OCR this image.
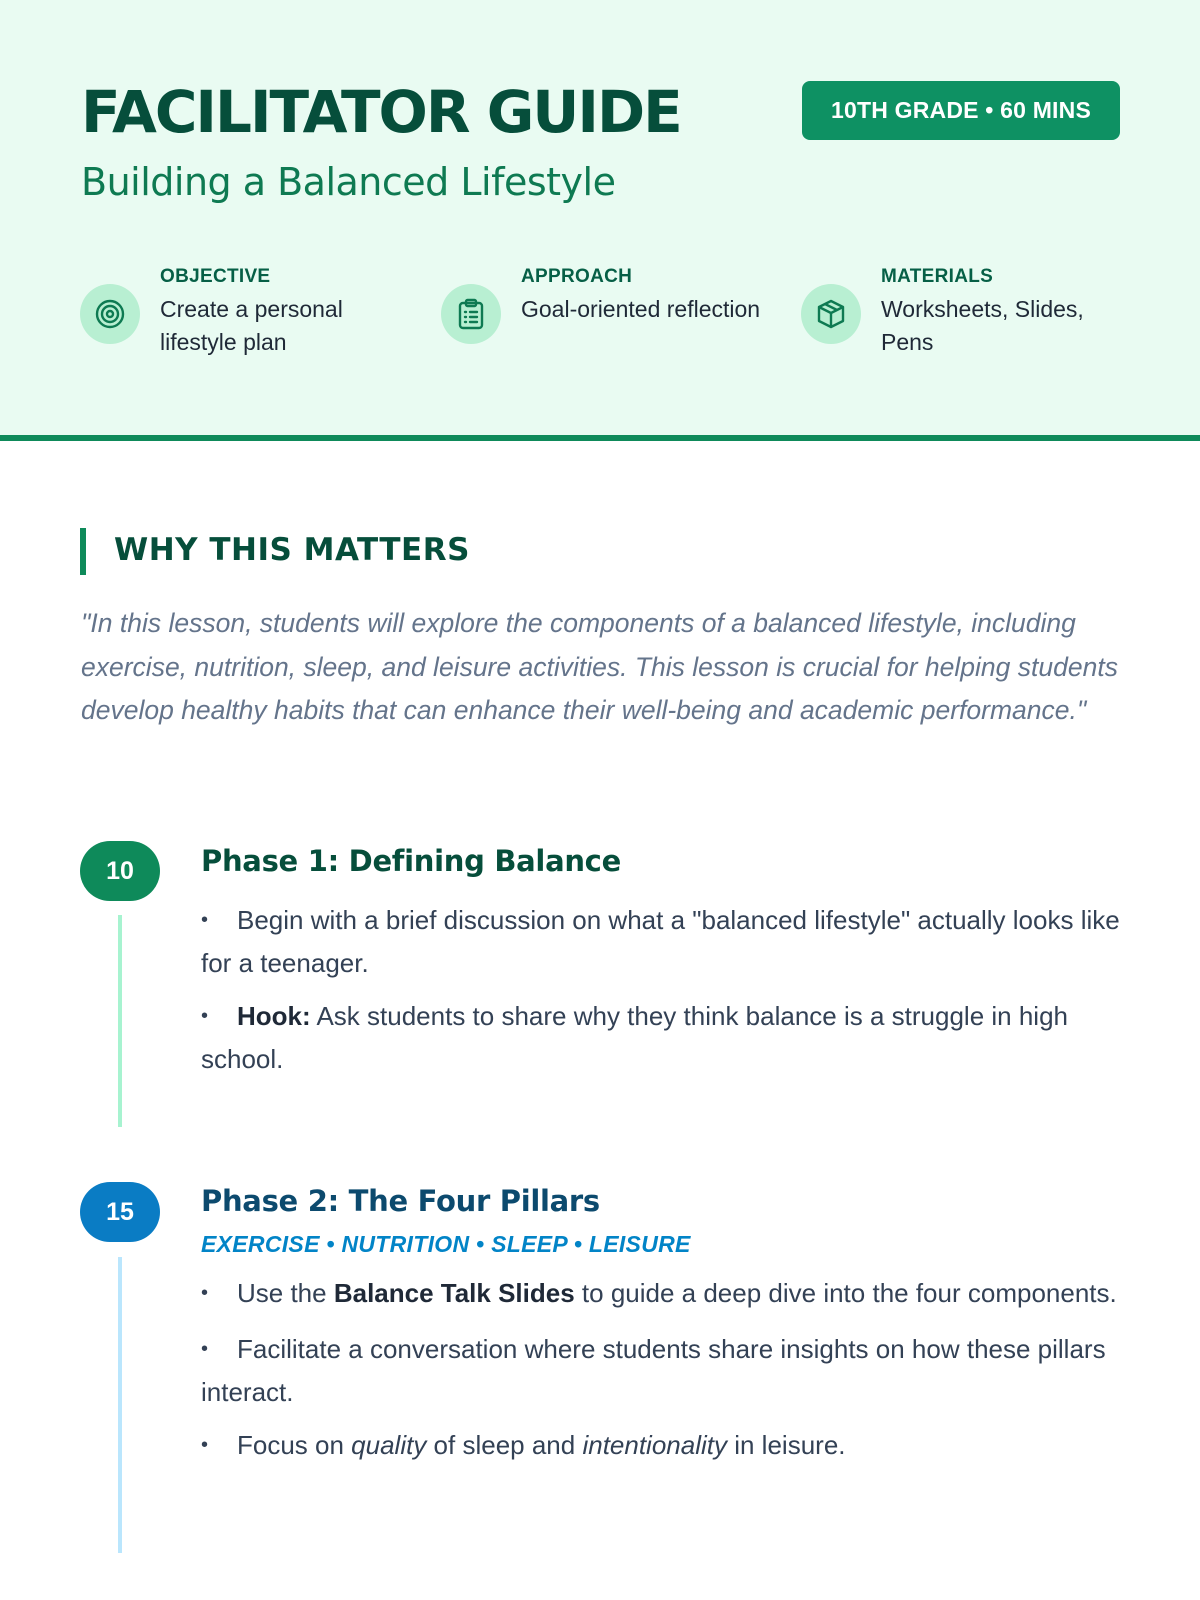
FACILITATOR GUIDE
Building a Balanced Lifestyle
10TH GRADE • 60 MINS
OBJECTIVE
Create a personal lifestyle plan
APPROACH
Goal-oriented reflection
MATERIALS
Worksheets, Slides, Pens
WHY THIS MATTERS
"In this lesson, students will explore the components of a balanced lifestyle, including exercise, nutrition, sleep, and leisure activities. This lesson is crucial for helping students develop healthy habits that can enhance their well-being and academic performance."
10	Phase 1: Defining Balance
•Begin with a brief discussion on what a "balanced lifestyle" actually looks like for a teenager.
•Hook: Ask students to share why they think balance is a struggle in high school.
15	Phase 2: The Four Pillars
EXERCISE • NUTRITION • SLEEP • LEISURE
•Use the Balance Talk Slides to guide a deep dive into the four components.
•Facilitate a conversation where students share insights on how these pillars interact.
•Focus on quality of sleep and intentionality in leisure.
